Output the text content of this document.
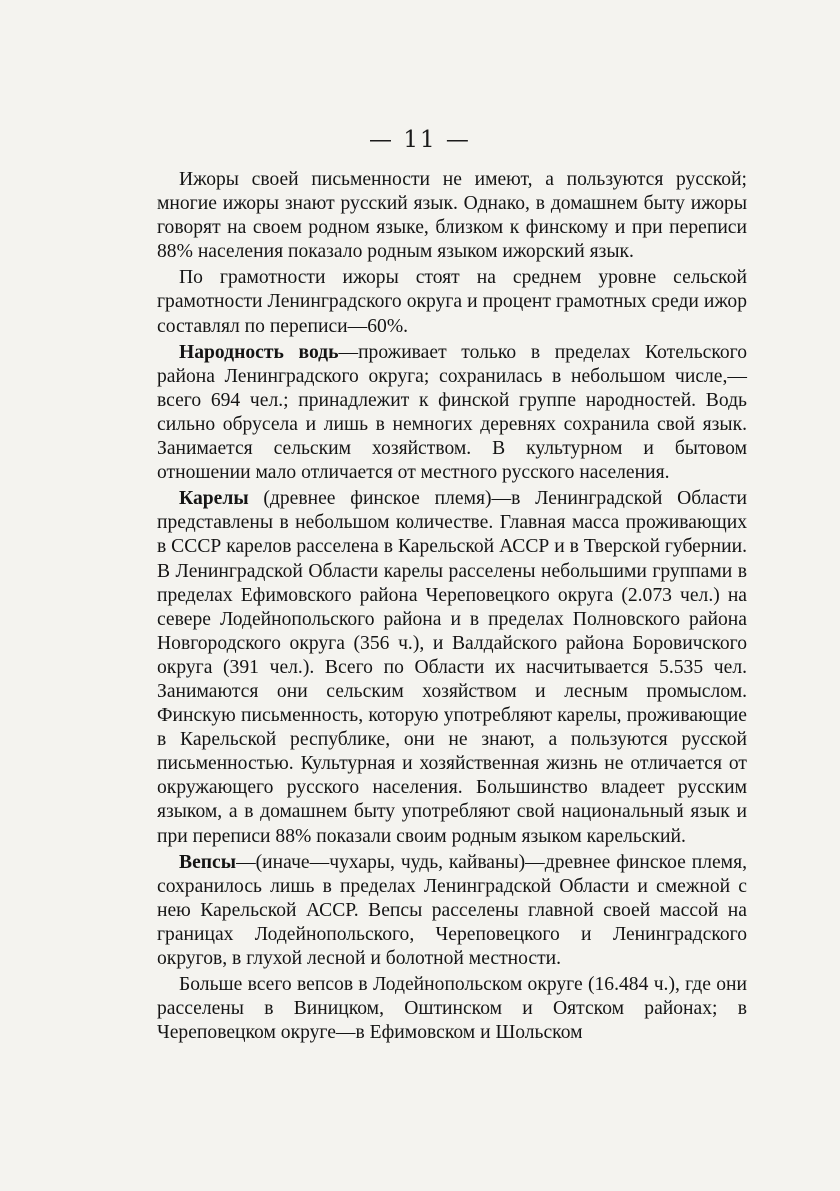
— 11 —

Ижоры своей письменности не имеют, а пользуются русской; многие ижоры знают русский язык. Однако, в домашнем быту ижоры говорят на своем родном языке, близком к финскому и при переписи 88% населения показало родным языком ижорский язык.

По грамотности ижоры стоят на среднем уровне сельской грамотности Ленинградского округа и процент грамотных среди ижор составлял по переписи—60%.

Народность водь—проживает только в пределах Котельского района Ленинградского округа; сохранилась в небольшом числе,—всего 694 чел.; принадлежит к финской группе народностей. Водь сильно обрусела и лишь в немногих деревнях сохранила свой язык. Занимается сельским хозяйством. В культурном и бытовом отношении мало отличается от местного русского населения.

Карелы (древнее финское племя)—в Ленинградской Области представлены в небольшом количестве. Главная масса проживающих в СССР карелов расселена в Карельской АССР и в Тверской губернии. В Ленинградской Области карелы расселены небольшими группами в пределах Ефимовского района Череповецкого округа (2.073 чел.) на севере Лодейнопольского района и в пределах Полновского района Новгородского округа (356 ч.), и Валдайского района Боровичского округа (391 чел.). Всего по Области их насчитывается 5.535 чел. Занимаются они сельским хозяйством и лесным промыслом. Финскую письменность, которую употребляют карелы, проживающие в Карельской республике, они не знают, а пользуются русской письменностью. Культурная и хозяйственная жизнь не отличается от окружающего русского населения. Большинство владеет русским языком, а в домашнем быту употребляют свой национальный язык и при переписи 88% показали своим родным языком карельский.

Вепсы—(иначе—чухары, чудь, кайваны)—древнее финское племя, сохранилось лишь в пределах Ленинградской Области и смежной с нею Карельской АССР. Вепсы расселены главной своей массой на границах Лодейнопольского, Череповецкого и Ленинградского округов, в глухой лесной и болотной местности.

Больше всего вепсов в Лодейнопольском округе (16.484 ч.), где они расселены в Виницком, Оштинском и Оятском районах; в Череповецком округе—в Ефимовском и Шольском
